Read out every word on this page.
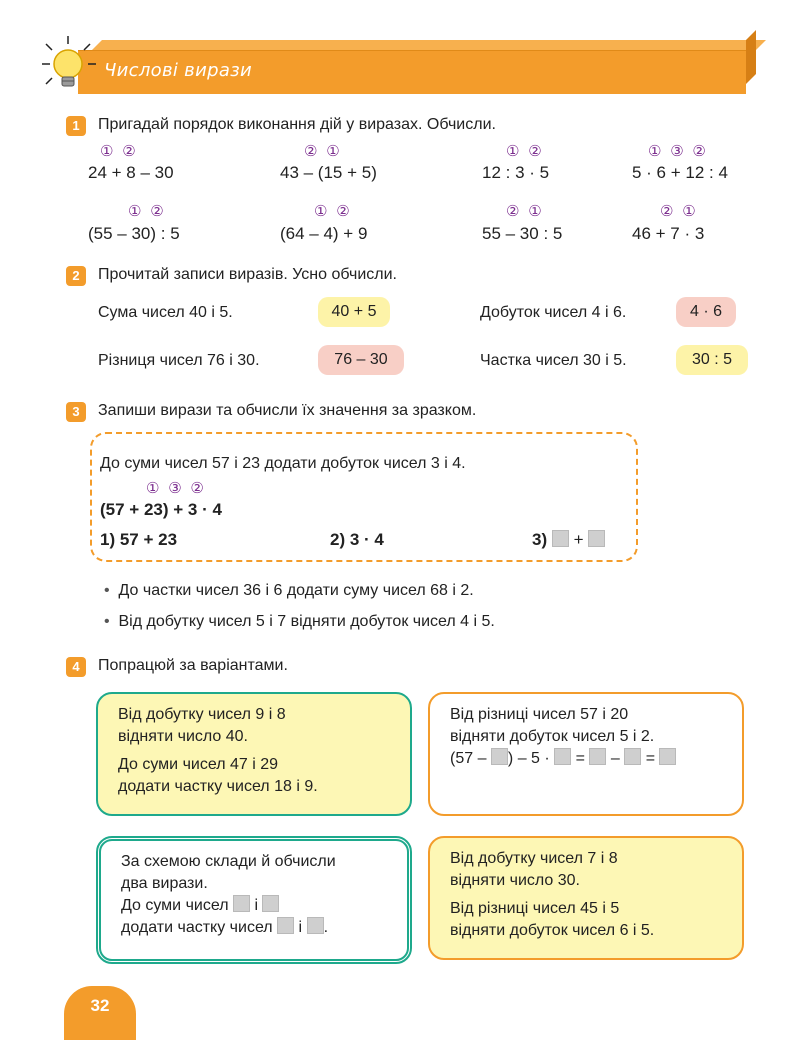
Числові вирази
1	Пригадай порядок виконання дій у виразах. Обчисли.
① ②
24 + 8 – 30
② ①
43 – (15 + 5)
① ②
12 : 3 · 5
① ③ ②
5 · 6 + 12 : 4
① ②
(55 – 30) : 5
① ②
(64 – 4) + 9
② ①
55 – 30 : 5
② ①
46 + 7 · 3
2	Прочитай записи виразів. Усно обчисли.
Сума чисел 40 і 5.	40 + 5	Добуток чисел 4 і 6.	4 · 6
Різниця чисел 76 і 30.	76 – 30	Частка чисел 30 і 5.	30 : 5
3	Запиши вирази та обчисли їх значення за зразком.
До суми чисел 57 і 23 додати добуток чисел 3 і 4.
① ③ ②
(57 + 23) + 3 · 4
1) 57 + 23	2) 3 · 4	3) +
•  До частки чисел 36 і 6 додати суму чисел 68 і 2.
•  Від добутку чисел 5 і 7 відняти добуток чисел 4 і 5.
4	Попрацюй за варіантами.

Від добутку чисел 9 і 8

відняти число 40.

До суми чисел 47 і 29

додати частку чисел 18 і 9.

Від різниці чисел 57 і 20

відняти добуток чисел 5 і 2.

(57 – ) – 5 · = – =

За схемою склади й обчисли

два вирази.

До суми чисел і

додати частку чисел і .

Від добутку чисел 7 і 8

відняти число 30.

Від різниці чисел 45 і 5

відняти добуток чисел 6 і 5.

32
